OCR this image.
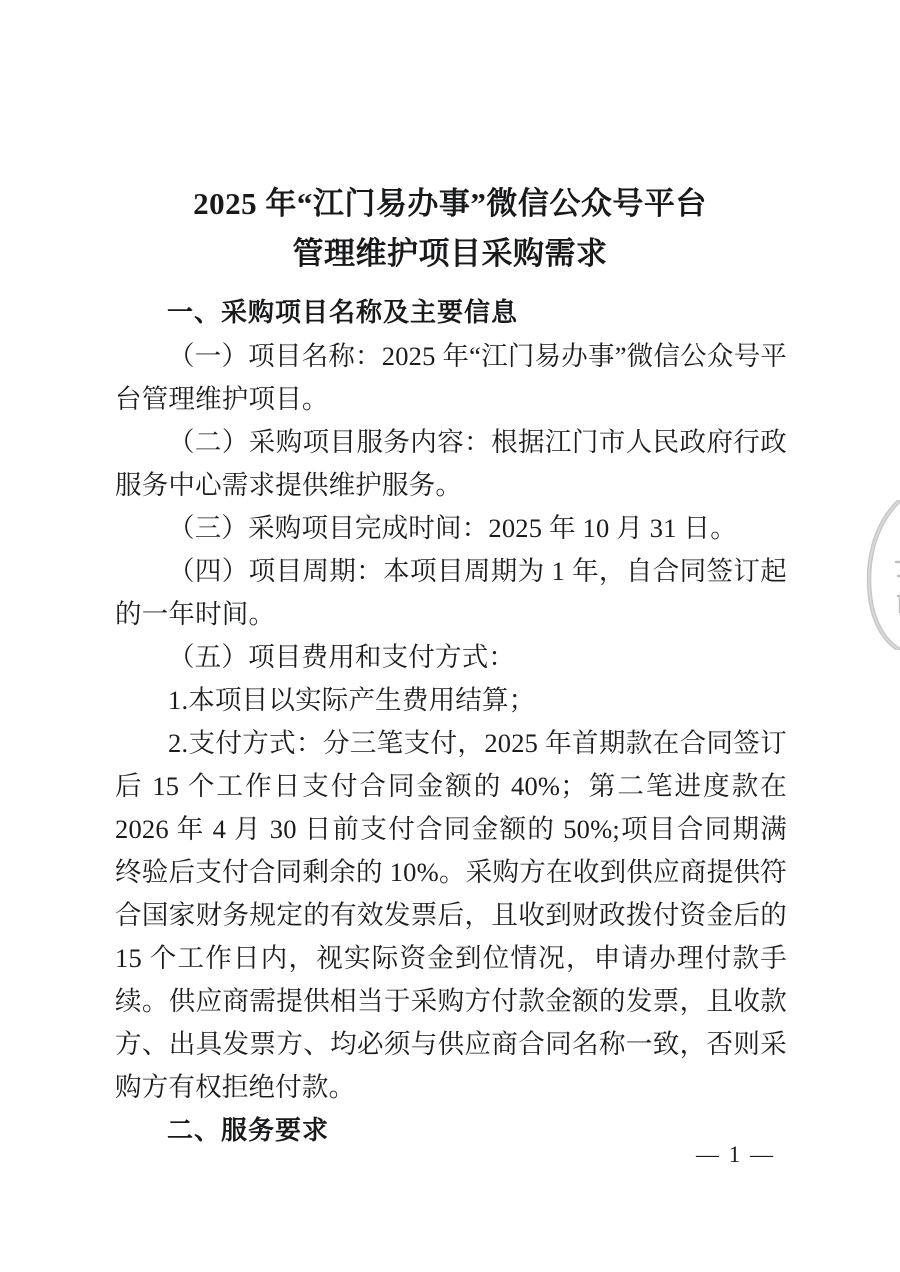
2025 年“江门易办事”微信公众号平台
管理维护项目采购需求
一、采购项目名称及主要信息

（一）项目名称：2025 年“江门易办事”微信公众号平台管理维护项目。

（二）采购项目服务内容：根据江门市人民政府行政服务中心需求提供维护服务。

（三）采购项目完成时间：2025 年 10 月 31 日。

（四）项目周期：本项目周期为 1 年，自合同签订起的一年时间。

（五）项目费用和支付方式：

1.本项目以实际产生费用结算；

2.支付方式：分三笔支付，2025 年首期款在合同签订后 15 个工作日支付合同金额的 40%；第二笔进度款在 2026 年 4 月 30 日前支付合同金额的 50%;项目合同期满终验后支付合同剩余的 10%。采购方在收到供应商提供符合国家财务规定的有效发票后，且收到财政拨付资金后的 15 个工作日内，视实际资金到位情况，申请办理付款手续。供应商需提供相当于采购方付款金额的发票，且收款方、出具发票方、均必须与供应商合同名称一致，否则采购方有权拒绝付款。

二、服务要求
— 1 —
